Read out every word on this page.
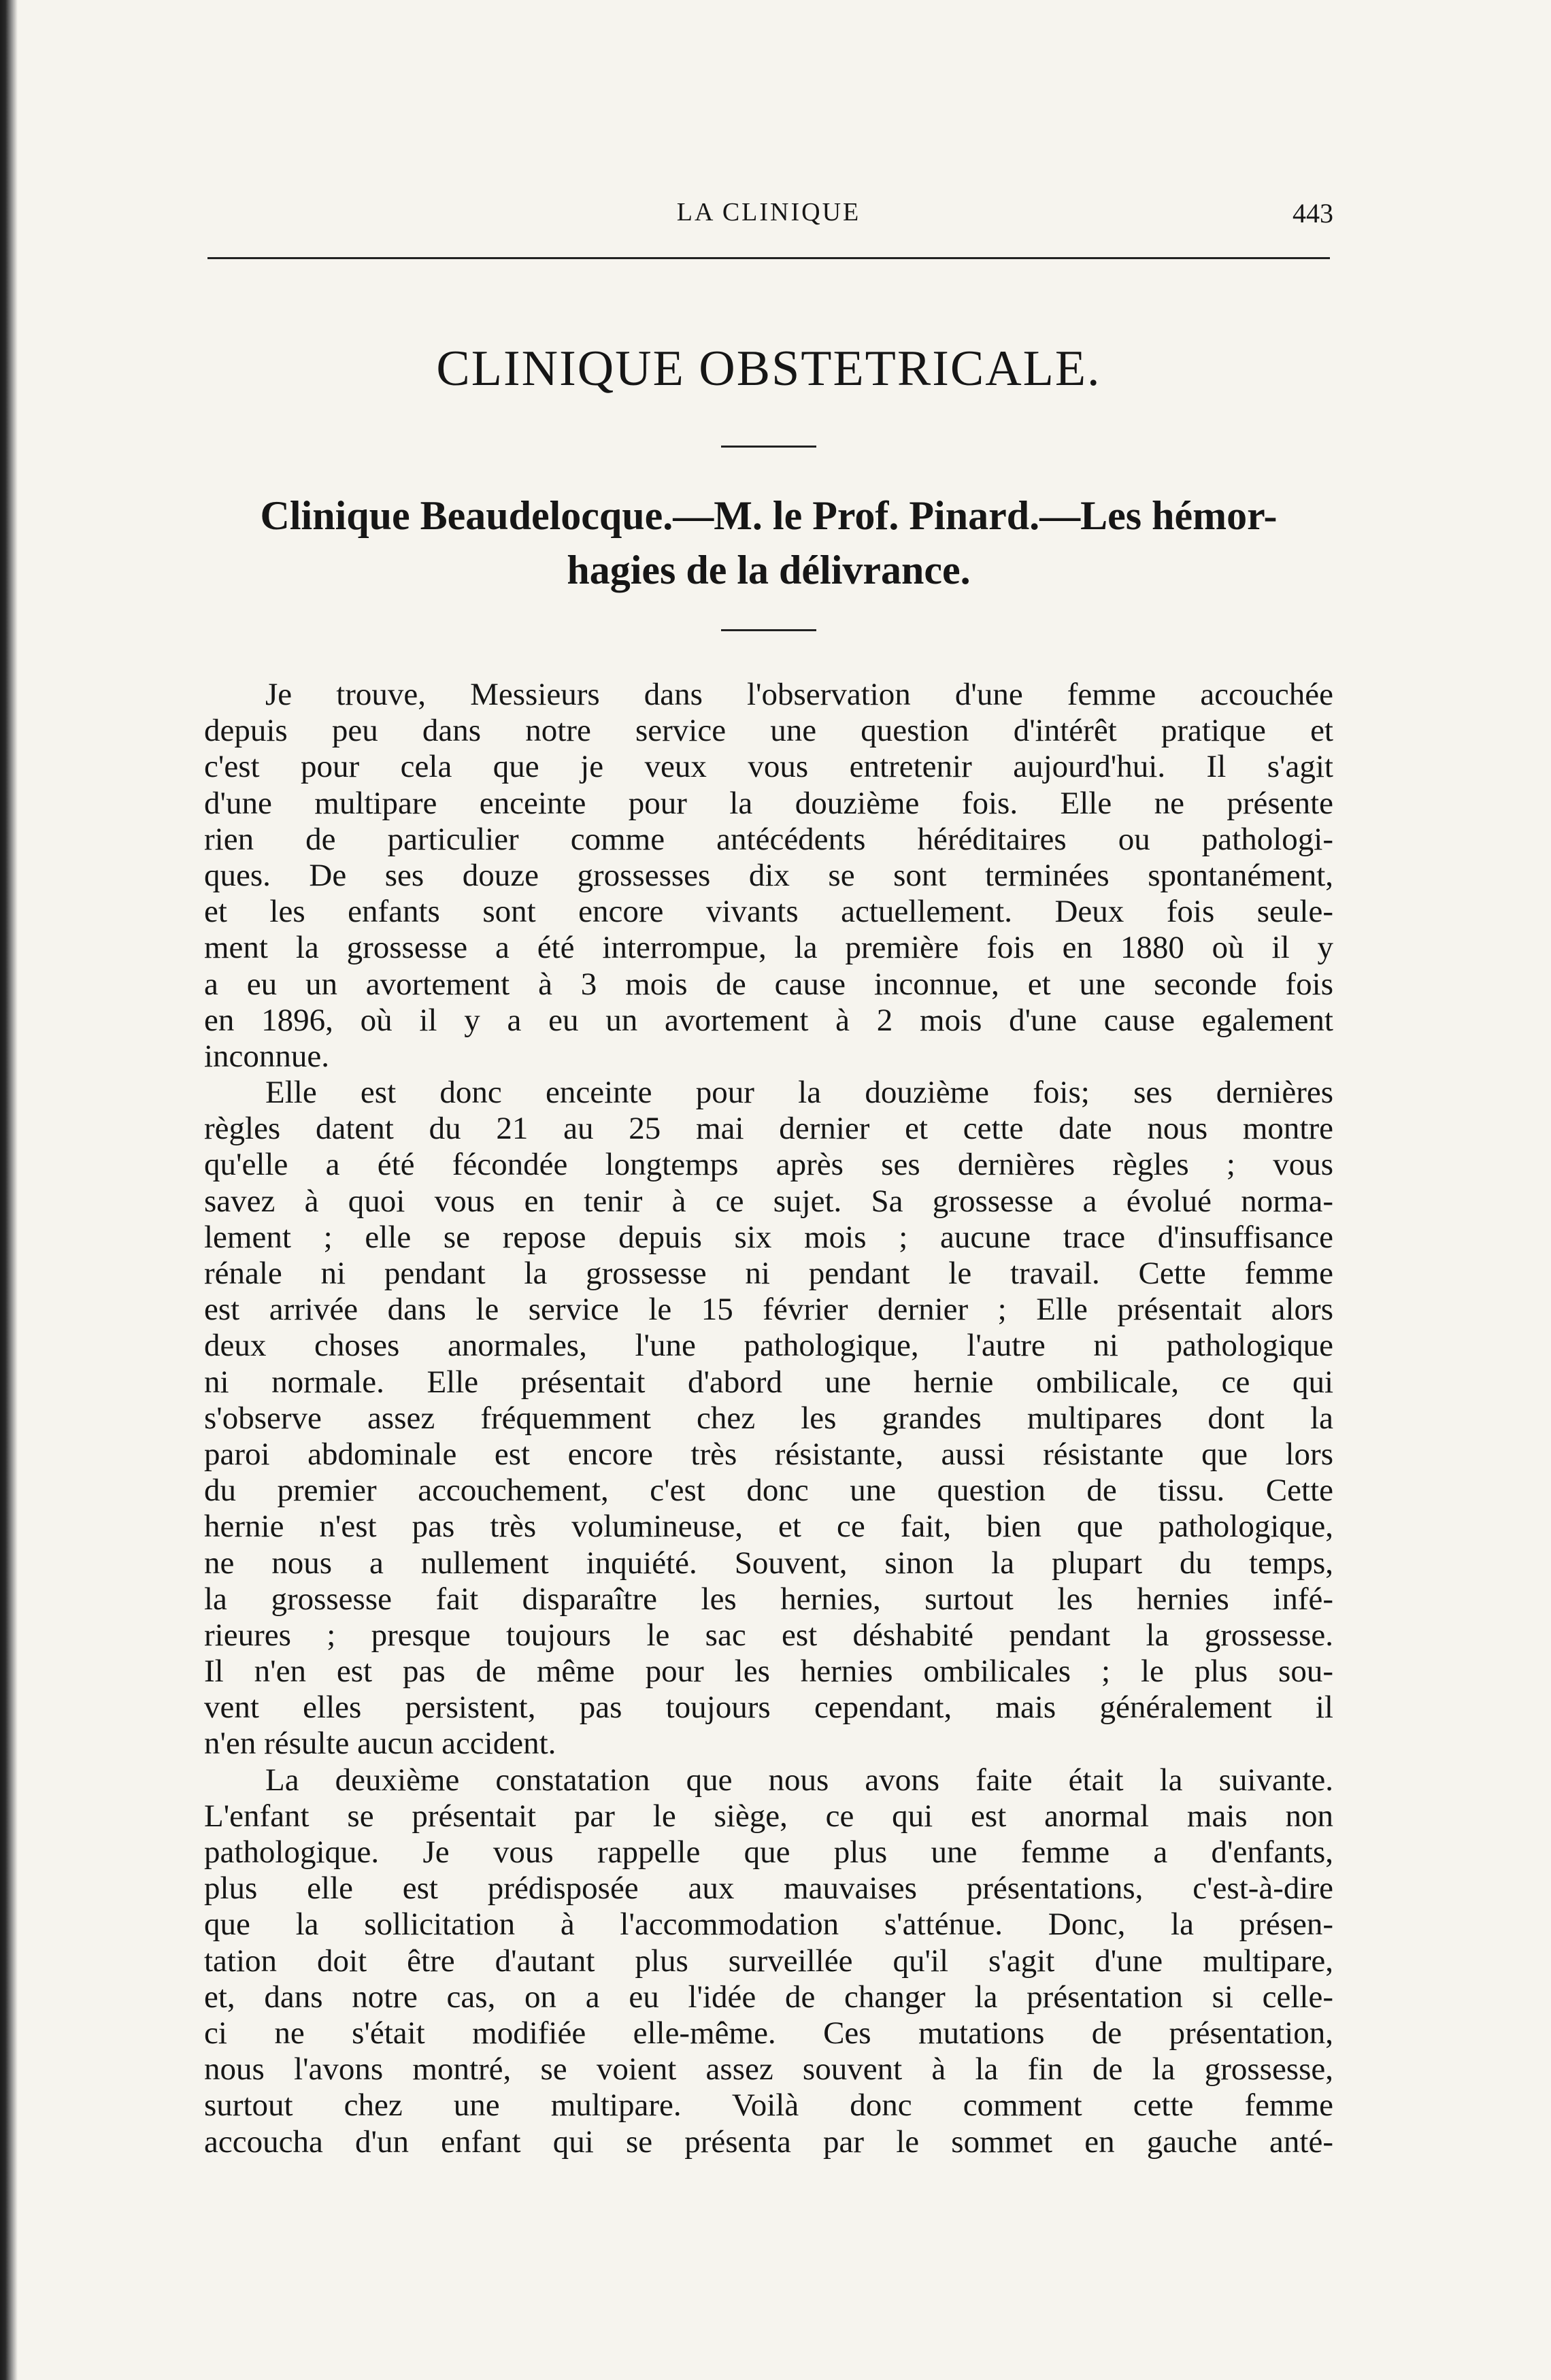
LA CLINIQUE	443
CLINIQUE OBSTETRICALE.
Clinique Beaudelocque.—M. le Prof. Pinard.—Les hémor-
hagies de la délivrance.
Je trouve, Messieurs dans l'observation d'une femme accouchée
depuis peu dans notre service une question d'intérêt pratique et
c'est pour cela que je veux vous entretenir aujourd'hui. Il s'agit
d'une multipare enceinte pour la douzième fois. Elle ne présente
rien de particulier comme antécédents héréditaires ou pathologi-
ques. De ses douze grossesses dix se sont terminées spontanément,
et les enfants sont encore vivants actuellement. Deux fois seule-
ment la grossesse a été interrompue, la première fois en 1880 où il y
a eu un avortement à 3 mois de cause inconnue, et une seconde fois
en 1896, où il y a eu un avortement à 2 mois d'une cause egalement
inconnue.
Elle est donc enceinte pour la douzième fois; ses dernières
règles datent du 21 au 25 mai dernier et cette date nous montre
qu'elle a été fécondée longtemps après ses dernières règles ; vous
savez à quoi vous en tenir à ce sujet. Sa grossesse a évolué norma-
lement ; elle se repose depuis six mois ; aucune trace d'insuffisance
rénale ni pendant la grossesse ni pendant le travail. Cette femme
est arrivée dans le service le 15 février dernier ; Elle présentait alors
deux choses anormales, l'une pathologique, l'autre ni pathologique
ni normale. Elle présentait d'abord une hernie ombilicale, ce qui
s'observe assez fréquemment chez les grandes multipares dont la
paroi abdominale est encore très résistante, aussi résistante que lors
du premier accouchement, c'est donc une question de tissu. Cette
hernie n'est pas très volumineuse, et ce fait, bien que pathologique,
ne nous a nullement inquiété. Souvent, sinon la plupart du temps,
la grossesse fait disparaître les hernies, surtout les hernies infé-
rieures ; presque toujours le sac est déshabité pendant la grossesse.
Il n'en est pas de même pour les hernies ombilicales ; le plus sou-
vent elles persistent, pas toujours cependant, mais généralement il
n'en résulte aucun accident.
La deuxième constatation que nous avons faite était la suivante.
L'enfant se présentait par le siège, ce qui est anormal mais non
pathologique. Je vous rappelle que plus une femme a d'enfants,
plus elle est prédisposée aux mauvaises présentations, c'est-à-dire
que la sollicitation à l'accommodation s'atténue. Donc, la présen-
tation doit être d'autant plus surveillée qu'il s'agit d'une multipare,
et, dans notre cas, on a eu l'idée de changer la présentation si celle-
ci ne s'était modifiée elle-même. Ces mutations de présentation,
nous l'avons montré, se voient assez souvent à la fin de la grossesse,
surtout chez une multipare. Voilà donc comment cette femme
accoucha d'un enfant qui se présenta par le sommet en gauche anté-
